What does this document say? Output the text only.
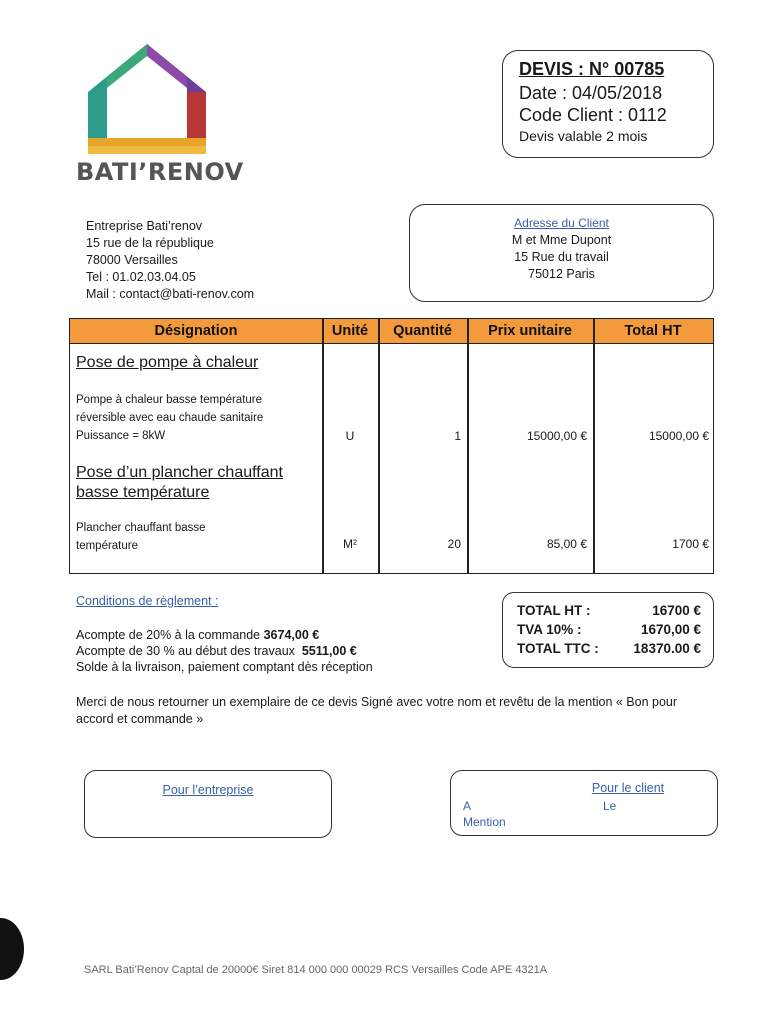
BATI’RENOV
DEVIS : N° 00785
Date : 04/05/2018
Code Client : 0112
Devis valable 2 mois
Entreprise Bati’renov
15 rue de la république
78000 Versailles
Tel : 01.02.03.04.05
Mail : contact@bati-renov.com
Adresse du Client
M et Mme Dupont
15 Rue du travail
75012 Paris
Désignation	Unité	Quantité	Prix unitaire	Total HT
Pose de pompe à chaleur
Pompe à chaleur basse température
réversible avec eau chaude sanitaire
Puissance = 8kW	U	1	15000,00 €	15000,00 €
Pose d’un plancher chauffant
basse température
Plancher chauffant basse
température	M²	20	85,00 €	1700 €
Conditions de règlement :
Acompte de 20% à la commande 3674,00 €
Acompte de 30 % au début des travaux  5511,00 €
Solde à la livraison, paiement comptant dès réception
TOTAL HT :	16700 €
TVA 10% :	1670,00 €
TOTAL TTC :	18370.00 €
Merci de nous retourner un exemplaire de ce devis Signé avec votre nom et revêtu de la mention « Bon pour accord et commande »
Pour l’entreprise	Pour le client
A	Le
Mention
SARL Bati’Renov Captal de 20000€ Siret 814 000 000 00029 RCS Versailles Code APE 4321A
